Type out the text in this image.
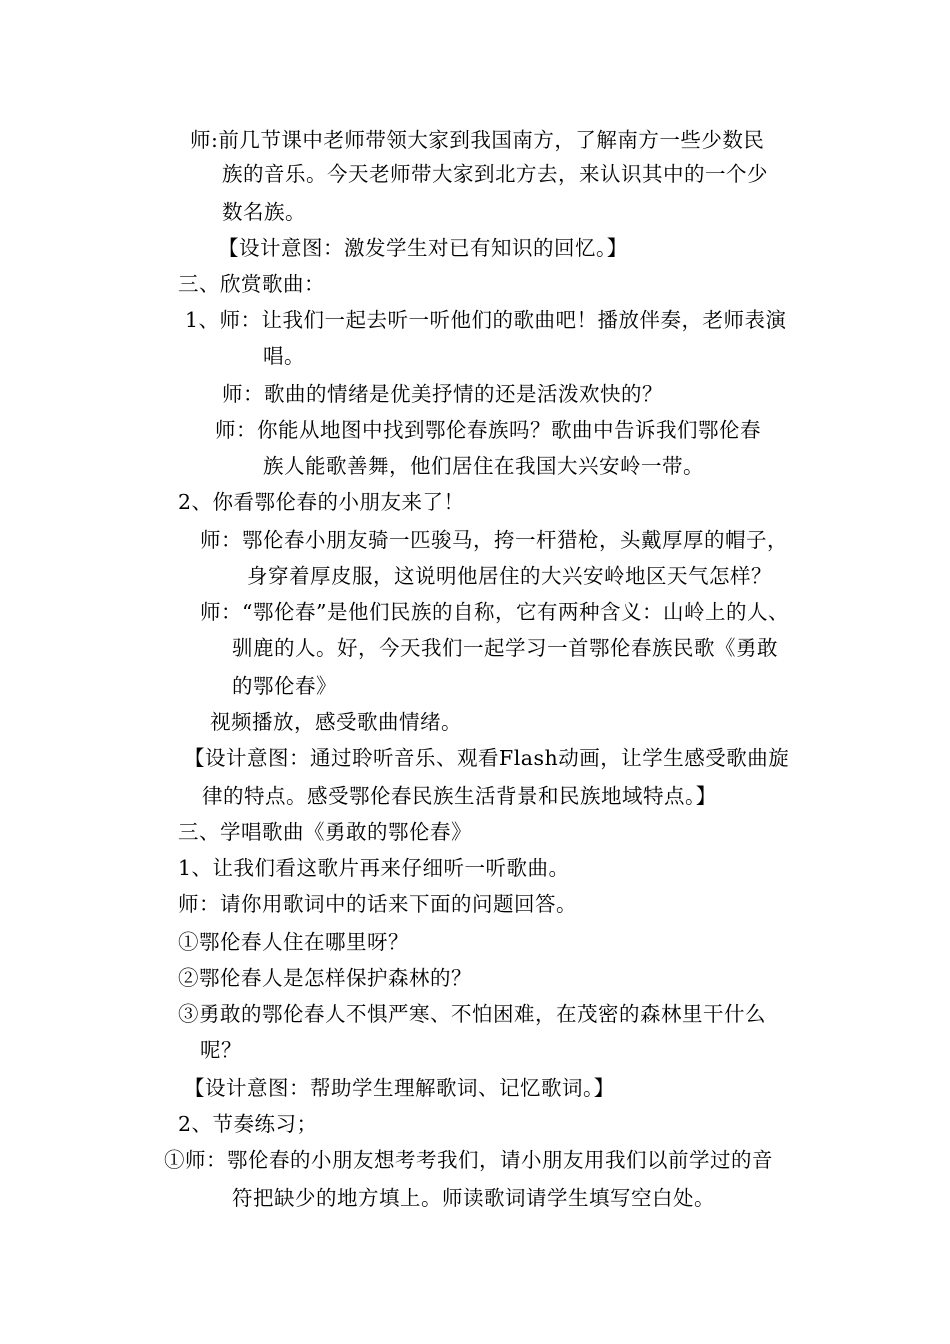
师:前几节课中老师带领大家到我国南方，了解南方一些少数民
族的音乐。今天老师带大家到北方去，来认识其中的一个少
数名族。
【设计意图：激发学生对已有知识的回忆。】
三、欣赏歌曲：
1、师：让我们一起去听一听他们的歌曲吧！播放伴奏，老师表演
唱。
师：歌曲的情绪是优美抒情的还是活泼欢快的？
师：你能从地图中找到鄂伦春族吗？歌曲中告诉我们鄂伦春
族人能歌善舞，他们居住在我国大兴安岭一带。
2、你看鄂伦春的小朋友来了！
师：鄂伦春小朋友骑一匹骏马，挎一杆猎枪，头戴厚厚的帽子，
身穿着厚皮服，这说明他居住的大兴安岭地区天气怎样？
师：“鄂伦春”是他们民族的自称，它有两种含义：山岭上的人、
驯鹿的人。好，今天我们一起学习一首鄂伦春族民歌《勇敢
的鄂伦春》
视频播放，感受歌曲情绪。
【设计意图：通过聆听音乐、观看Flash动画，让学生感受歌曲旋
律的特点。感受鄂伦春民族生活背景和民族地域特点。】
三、学唱歌曲《勇敢的鄂伦春》
1、让我们看这歌片再来仔细听一听歌曲。
师：请你用歌词中的话来下面的问题回答。
①鄂伦春人住在哪里呀？
②鄂伦春人是怎样保护森林的？
③勇敢的鄂伦春人不惧严寒、不怕困难，在茂密的森林里干什么
呢？
【设计意图：帮助学生理解歌词、记忆歌词。】
2、节奏练习；
①师：鄂伦春的小朋友想考考我们，请小朋友用我们以前学过的音
符把缺少的地方填上。师读歌词请学生填写空白处。
